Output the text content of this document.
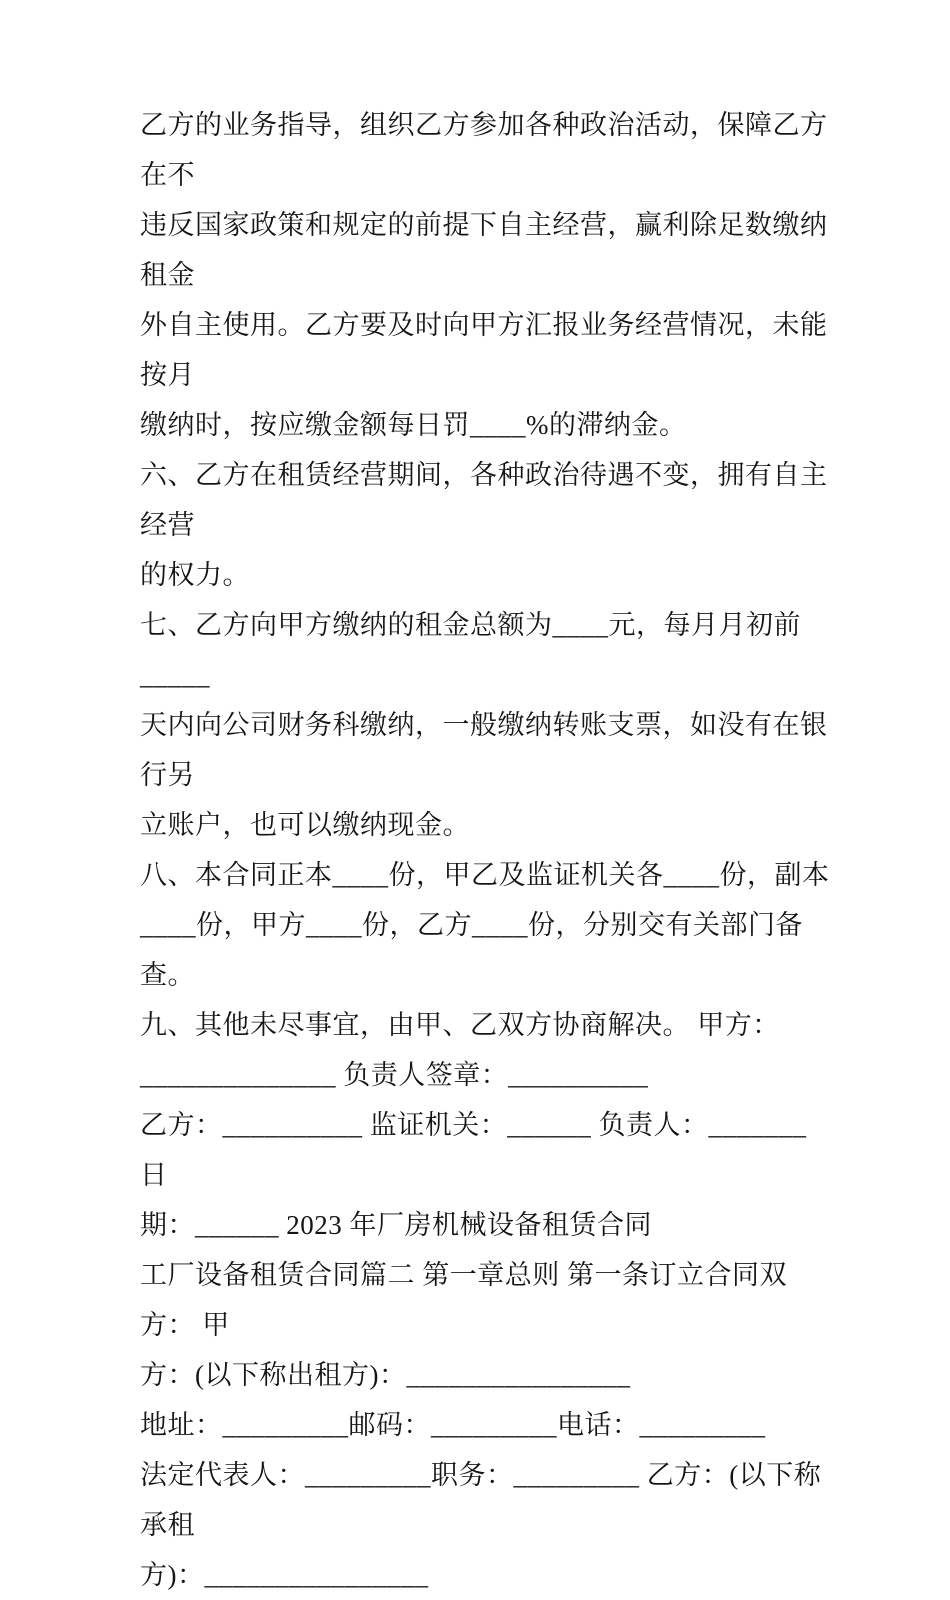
乙方的业务指导，组织乙方参加各种政治活动，保障乙方在不
违反国家政策和规定的前提下自主经营，赢利除足数缴纳租金
外自主使用。乙方要及时向甲方汇报业务经营情况，未能按月
缴纳时，按应缴金额每日罚____%的滞纳金。
六、乙方在租赁经营期间，各种政治待遇不变，拥有自主经营
的权力。
七、乙方向甲方缴纳的租金总额为____元，每月月初前_____
天内向公司财务科缴纳，一般缴纳转账支票，如没有在银行另
立账户，也可以缴纳现金。
八、本合同正本____份，甲乙及监证机关各____份，副本
____份，甲方____份，乙方____份，分别交有关部门备查。
九、其他未尽事宜，由甲、乙双方协商解决。 甲方：
______________ 负责人签章：__________
乙方：__________ 监证机关：______ 负责人：_______ 日
期：______ 2023 年厂房机械设备租赁合同
工厂设备租赁合同篇二 第一章总则 第一条订立合同双方： 甲
方：(以下称出租方)：________________
地址：_________邮码：_________电话：_________
法定代表人：_________职务：_________ 乙方：(以下称承租
方)：________________
